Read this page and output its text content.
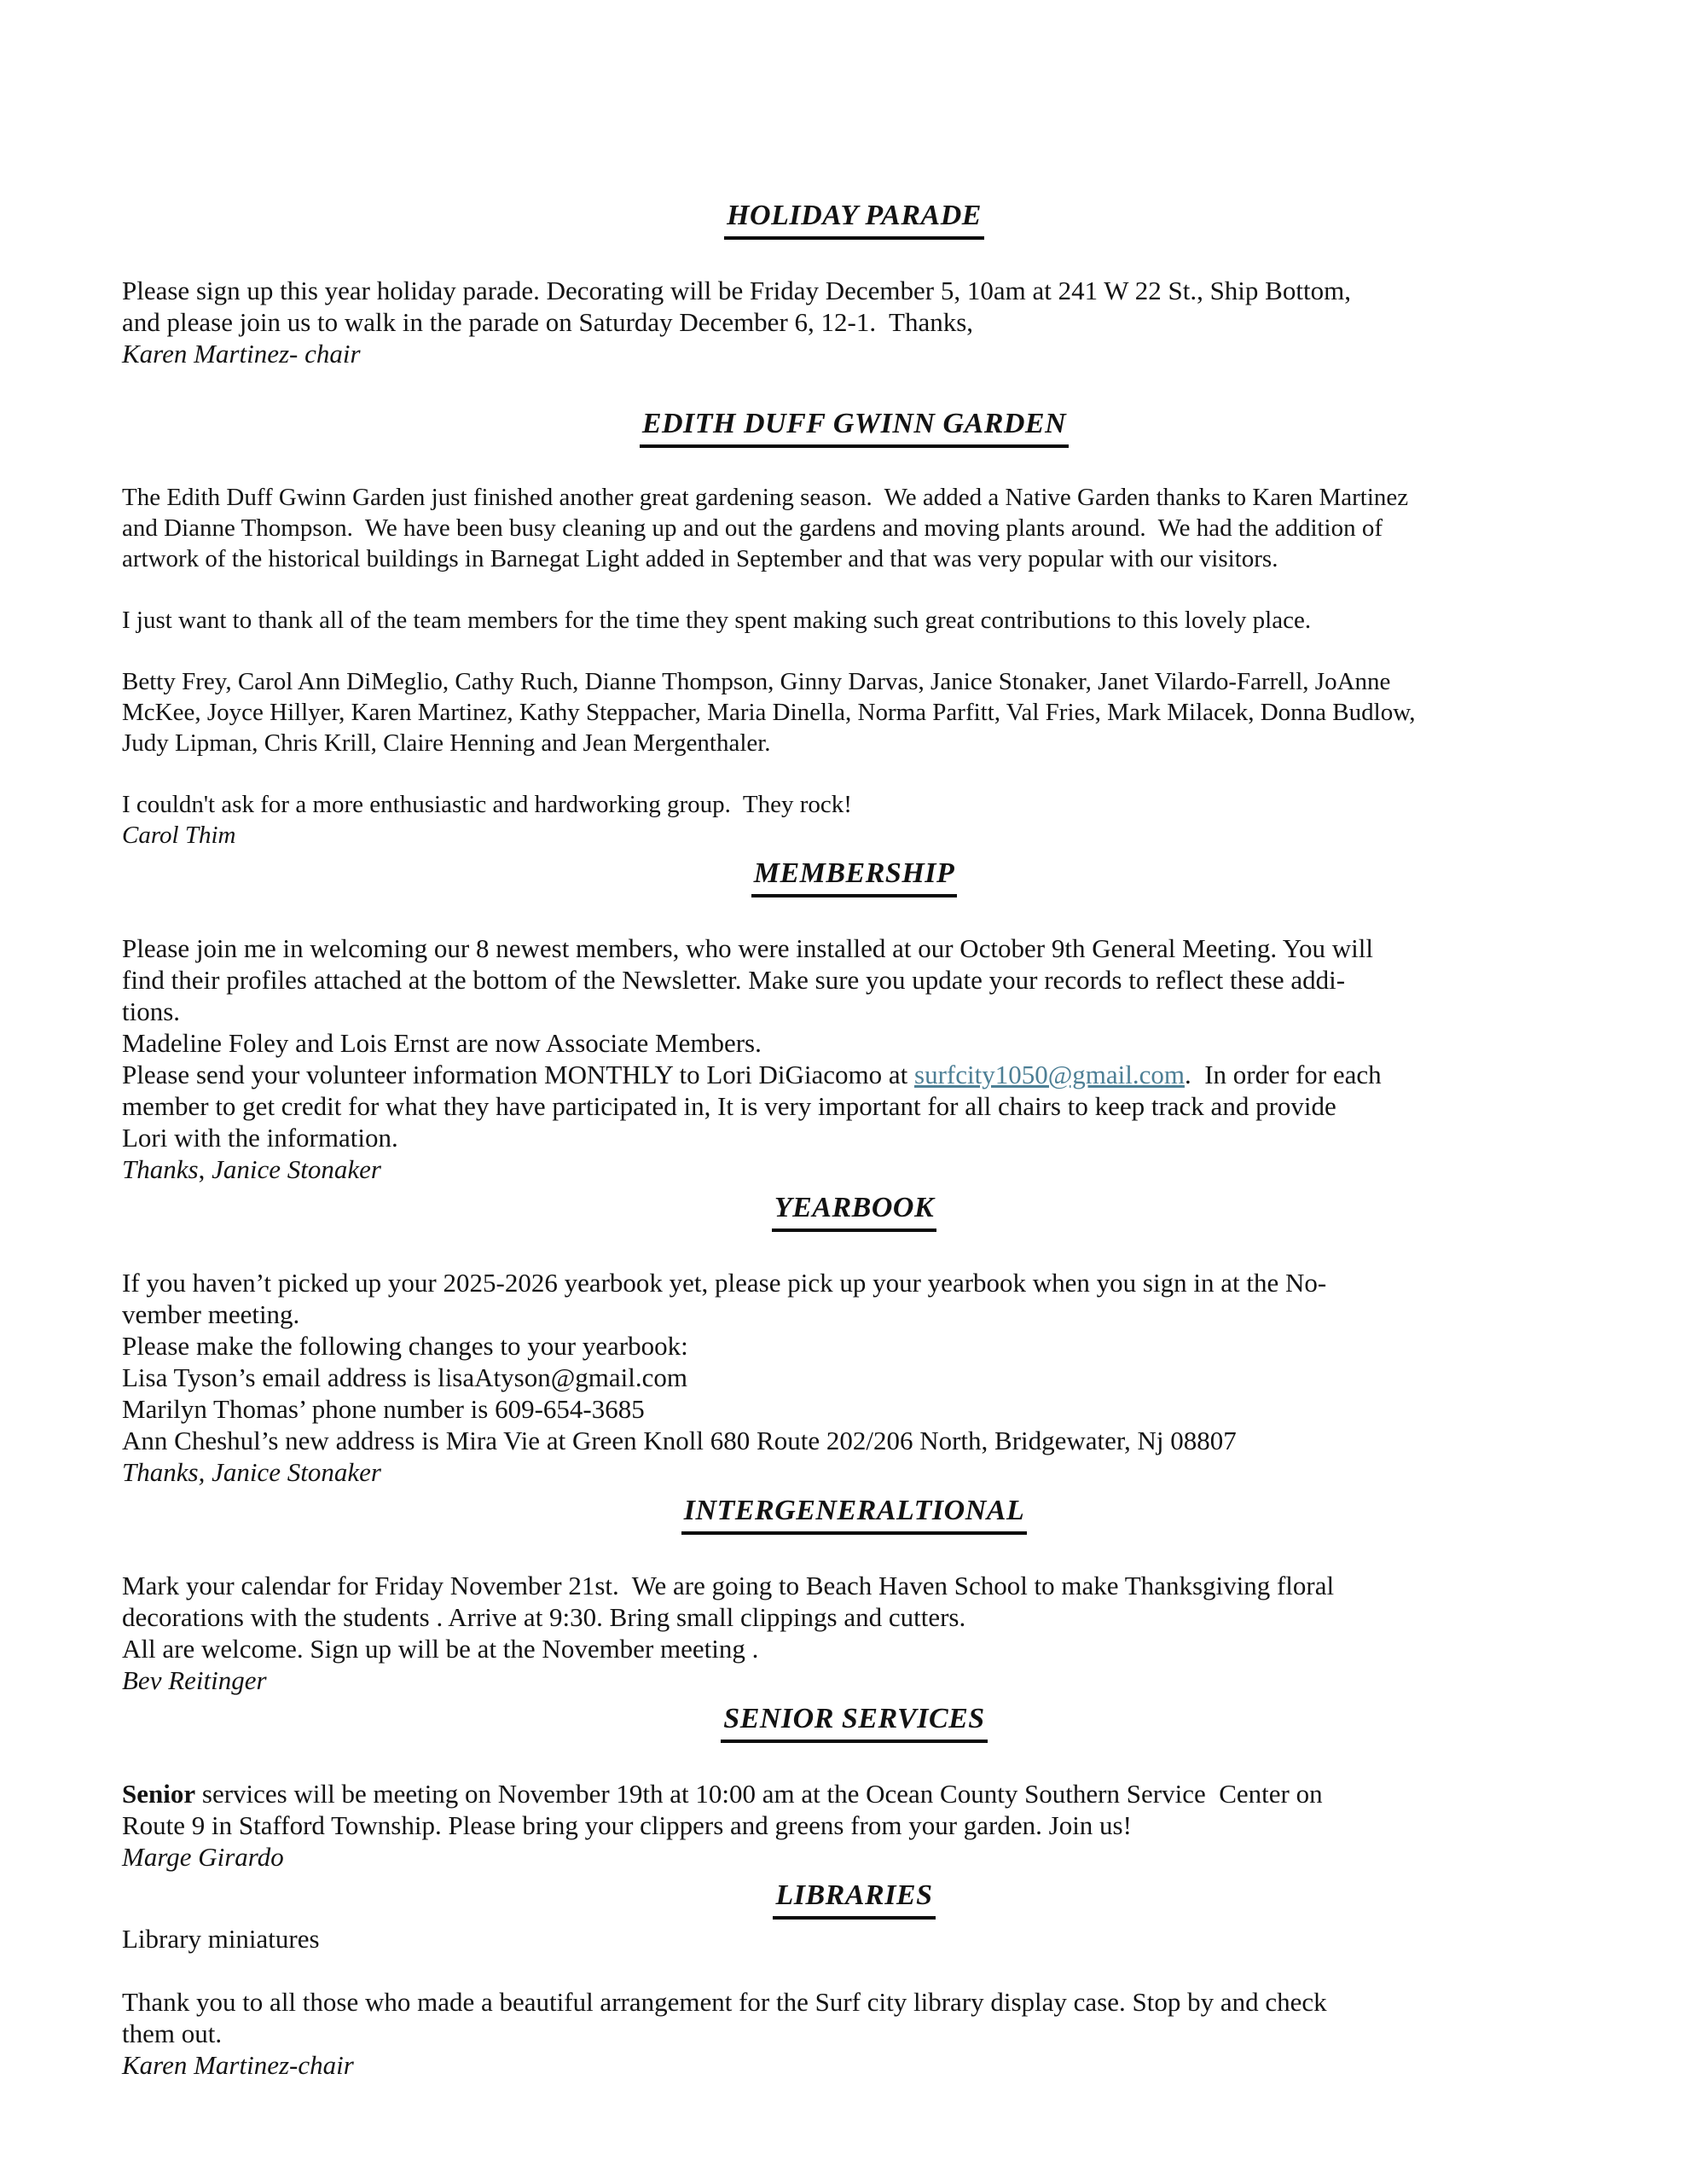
HOLIDAY PARADE

Please sign up this year holiday parade. Decorating will be Friday December 5, 10am at 241 W 22 St., Ship Bottom,
and please join us to walk in the parade on Saturday December 6, 12-1.  Thanks,
Karen Martinez- chair

EDITH DUFF GWINN GARDEN

The Edith Duff Gwinn Garden just finished another great gardening season.  We added a Native Garden thanks to Karen Martinez
and Dianne Thompson.  We have been busy cleaning up and out the gardens and moving plants around.  We had the addition of
artwork of the historical buildings in Barnegat Light added in September and that was very popular with our visitors.

I just want to thank all of the team members for the time they spent making such great contributions to this lovely place.

Betty Frey, Carol Ann DiMeglio, Cathy Ruch, Dianne Thompson, Ginny Darvas, Janice Stonaker, Janet Vilardo-Farrell, JoAnne
McKee, Joyce Hillyer, Karen Martinez, Kathy Steppacher, Maria Dinella, Norma Parfitt, Val Fries, Mark Milacek, Donna Budlow,
Judy Lipman, Chris Krill, Claire Henning and Jean Mergenthaler.

I couldn't ask for a more enthusiastic and hardworking group.  They rock!
Carol Thim
MEMBERSHIP

Please join me in welcoming our 8 newest members, who were installed at our October 9th General Meeting. You will
find their profiles attached at the bottom of the Newsletter. Make sure you update your records to reflect these addi-
tions.
Madeline Foley and Lois Ernst are now Associate Members.
Please send your volunteer information MONTHLY to Lori DiGiacomo at surfcity1050@gmail.com.  In order for each
member to get credit for what they have participated in, It is very important for all chairs to keep track and provide
Lori with the information.
Thanks, Janice Stonaker
YEARBOOK

If you haven’t picked up your 2025-2026 yearbook yet, please pick up your yearbook when you sign in at the No-
vember meeting.
Please make the following changes to your yearbook:
Lisa Tyson’s email address is lisaAtyson@gmail.com
Marilyn Thomas’ phone number is 609-654-3685
Ann Cheshul’s new address is Mira Vie at Green Knoll 680 Route 202/206 North, Bridgewater, Nj 08807
Thanks, Janice Stonaker
INTERGENERALTIONAL

Mark your calendar for Friday November 21st.  We are going to Beach Haven School to make Thanksgiving floral
decorations with the students . Arrive at 9:30. Bring small clippings and cutters.
All are welcome. Sign up will be at the November meeting .
Bev Reitinger
SENIOR SERVICES

Senior services will be meeting on November 19th at 10:00 am at the Ocean County Southern Service  Center on
Route 9 in Stafford Township. Please bring your clippers and greens from your garden. Join us!
Marge Girardo
LIBRARIES
Library miniatures

Thank you to all those who made a beautiful arrangement for the Surf city library display case. Stop by and check
them out.
Karen Martinez-chair
